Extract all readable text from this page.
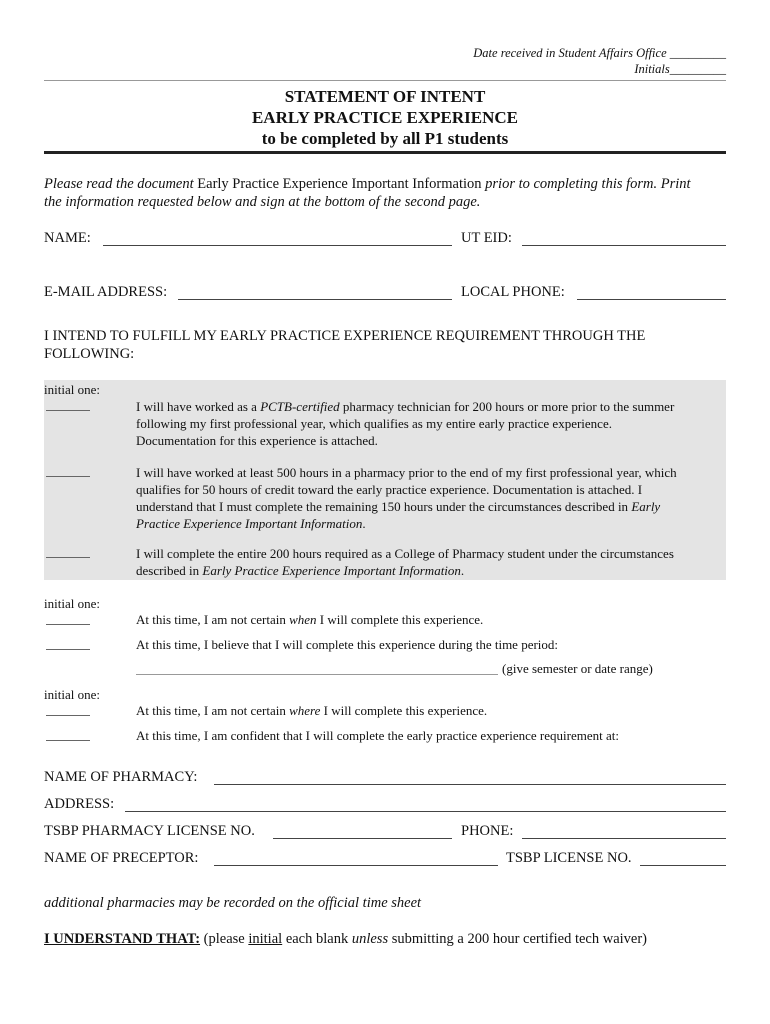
Date received in Student Affairs Office _________
Initials_________
STATEMENT OF INTENT
EARLY PRACTICE EXPERIENCE
to be completed by all P1 students
Please read the document Early Practice Experience Important Information prior to completing this form. Print
the information requested below and sign at the bottom of the second page.
NAME:	UT EID:
E-MAIL ADDRESS:	LOCAL PHONE:
I INTEND TO FULFILL MY EARLY PRACTICE EXPERIENCE REQUIREMENT THROUGH THE
FOLLOWING:
initial one:
I will have worked as a PCTB-certified pharmacy technician for 200 hours or more prior to the summer
following my first professional year, which qualifies as my entire early practice experience.
Documentation for this experience is attached.
I will have worked at least 500 hours in a pharmacy prior to the end of my first professional year, which
qualifies for 50 hours of credit toward the early practice experience. Documentation is attached. I
understand that I must complete the remaining 150 hours under the circumstances described in Early
Practice Experience Important Information.
I will complete the entire 200 hours required as a College of Pharmacy student under the circumstances
described in Early Practice Experience Important Information.
initial one:
At this time, I am not certain when I will complete this experience.
At this time, I believe that I will complete this experience during the time period:
(give semester or date range)
initial one:
At this time, I am not certain where I will complete this experience.
At this time, I am confident that I will complete the early practice experience requirement at:
NAME OF PHARMACY:
ADDRESS:
TSBP PHARMACY LICENSE NO.	PHONE:
NAME OF PRECEPTOR:	TSBP LICENSE NO.
additional pharmacies may be recorded on the official time sheet
I UNDERSTAND THAT: (please initial each blank unless submitting a 200 hour certified tech waiver)
